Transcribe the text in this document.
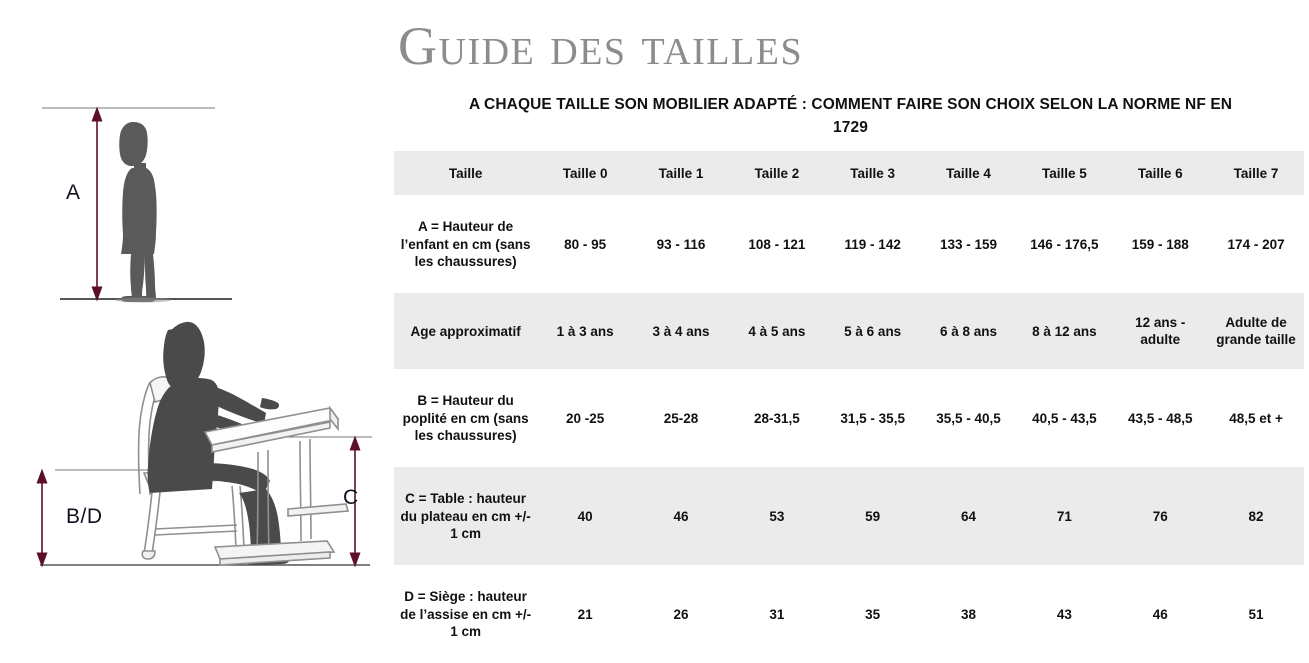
A
B/D
C
Guide des tailles
A CHAQUE TAILLE SON MOBILIER ADAPTÉ : COMMENT FAIRE SON CHOIX SELON LA NORME NF EN 1729
Taille	Taille 0	Taille 1	Taille 2	Taille 3	Taille 4	Taille 5	Taille 6	Taille 7
A = Hauteur de l’enfant en cm (sans les chaussures)	80 - 95	93 - 116	108 - 121	119 - 142	133 - 159	146 - 176,5	159 - 188	174 - 207
Age approximatif	1 à 3 ans	3 à 4 ans	4 à 5 ans	5 à 6 ans	6 à 8 ans	8 à 12 ans	12 ans - adulte	Adulte de grande taille
B = Hauteur du poplité en cm (sans les chaussures)	20 -25	25-28	28-31,5	31,5 - 35,5	35,5 - 40,5	40,5 - 43,5	43,5 - 48,5	48,5 et +
C = Table : hauteur du plateau en cm +/- 1 cm	40	46	53	59	64	71	76	82
D = Siège : hauteur de l’assise en cm +/- 1 cm	21	26	31	35	38	43	46	51
